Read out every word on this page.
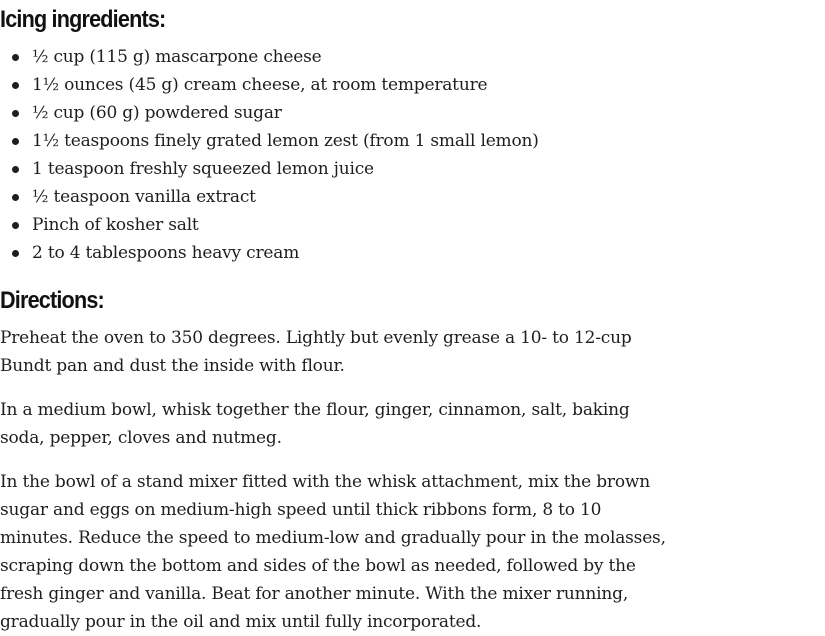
Icing ingredients:
½ cup (115 g) mascarpone cheese
1½ ounces (45 g) cream cheese, at room temperature
½ cup (60 g) powdered sugar
1½ teaspoons finely grated lemon zest (from 1 small lemon)
1 teaspoon freshly squeezed lemon juice
½ teaspoon vanilla extract
Pinch of kosher salt
2 to 4 tablespoons heavy cream
Directions:

Preheat the oven to 350 degrees. Lightly but evenly grease a 10- to 12-cup Bundt pan and dust the inside with flour.

In a medium bowl, whisk together the flour, ginger, cinnamon, salt, baking soda, pepper, cloves and nutmeg.

In the bowl of a stand mixer fitted with the whisk attachment, mix the brown sugar and eggs on medium-high speed until thick ribbons form, 8 to 10 minutes. Reduce the speed to medium-low and gradually pour in the molasses, scraping down the bottom and sides of the bowl as needed, followed by the fresh ginger and vanilla. Beat for another minute. With the mixer running, gradually pour in the oil and mix until fully incorporated.
